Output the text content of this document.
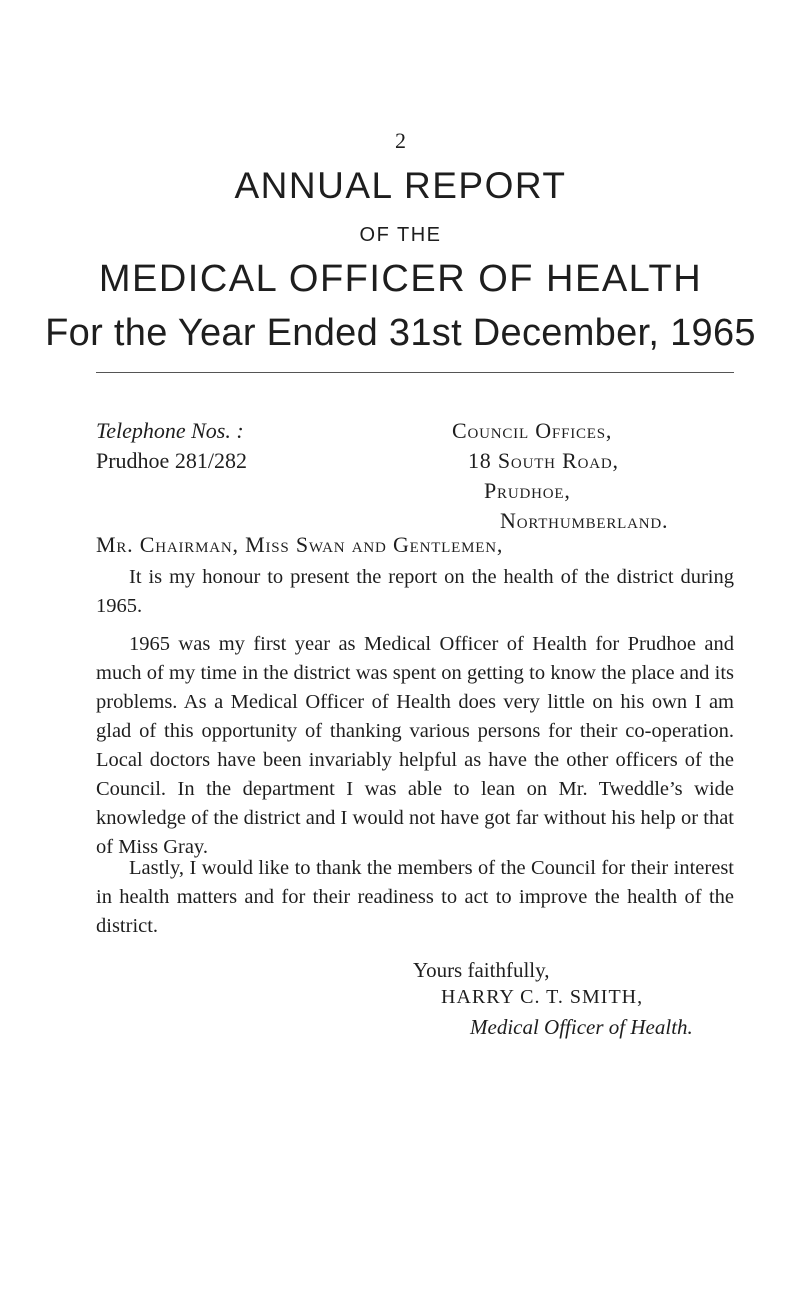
2
ANNUAL REPORT
OF THE
MEDICAL OFFICER OF HEALTH
For the Year Ended 31st December, 1965
Telephone Nos. :
Prudhoe 281/282
Council Offices,
18 South Road,
Prudhoe,
Northumberland.
Mr. Chairman, Miss Swan and Gentlemen,

It is my honour to present the report on the health of the district during 1965.

1965 was my first year as Medical Officer of Health for Prudhoe and much of my time in the district was spent on getting to know the place and its problems. As a Medical Officer of Health does very little on his own I am glad of this opportunity of thanking various persons for their co-operation. Local doctors have been invariably helpful as have the other officers of the Council. In the department I was able to lean on Mr. Tweddle’s wide knowledge of the district and I would not have got far without his help or that of Miss Gray.

Lastly, I would like to thank the members of the Council for their interest in health matters and for their readiness to act to improve the health of the district.

Yours faithfully,
HARRY C. T. SMITH,
Medical Officer of Health.
